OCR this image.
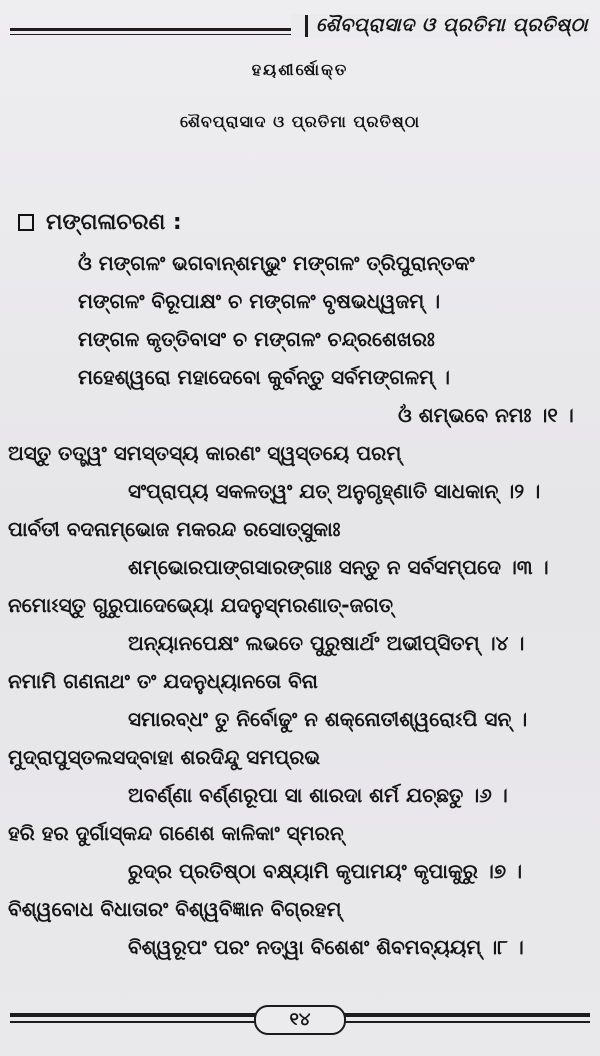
ଶୈବପ୍ରାସାଦ ଓ ପ୍ରତିମା ପ୍ରତିଷ୍ଠା
ହୟଶୀର୍ଷୋକ୍ତ
ଶୈବପ୍ରାସାଦ ଓ ପ୍ରତିମା ପ୍ରତିଷ୍ଠା
ମଙ୍ଗଳାଚରଣ :
ଓଁ ମଙ୍ଗଳଂ ଭଗବାନ୍‌ଶମ୍ଭୁଂ ମଙ୍ଗଳଂ ତ୍ରିପୁରାନ୍ତକଂ
ମଙ୍ଗଳଂ ବିରୂପାକ୍ଷଂ ଚ ମଙ୍ଗଳଂ ବୃଷଭଧ୍ୱଜମ୍ ।
ମଙ୍ଗଳ କୃତ୍ତିବାସଂ ଚ ମଙ୍ଗଳଂ ଚନ୍ଦ୍ରଶେଖରଃ
ମହେଶ୍ୱରୋ ମହାଦେବୋ କୁର୍ବନ୍ତୁ ସର୍ବମଙ୍ଗଳମ୍ ।
ଓଁ ଶମ୍ଭବେ ନମଃ ।୧ ।
ଅସ୍ତୁ ତତ୍ତ୍ୱଂ ସମସ୍ତସ୍ୟ କାରଣଂ ସ୍ୱସ୍ତୟେ ପରମ୍
ସଂପ୍ରାପ୍ୟ ସକଳତ୍ୱଂ ଯତ୍ ଅନୁଗୃହ୍ଣାତି ସାଧକାନ୍ ।୨ ।
ପାର୍ବତୀ ବଦନାମ୍ଭୋଜ ମକରନ୍ଦ ରସୋତ୍ସୁକାଃ
ଶମ୍ଭୋରପାଙ୍ଗସାରଙ୍ଗାଃ ସନ୍ତୁ ନ ସର୍ବସମ୍ପଦେ ।୩ ।
ନମୋଽସ୍ତୁ ଗୁରୁପାଦେଭ୍ୟୋ ଯଦନୁସ୍ମରଣାତ୍-ଜଗତ୍
ଅନ୍ୟାନପେକ୍ଷଂ ଲଭତେ ପୁରୁଷାର୍ଥଂ ଅଭୀପ୍ସିତମ୍ ।୪ ।
ନମାମି ଗଣନାଥଂ ତଂ ଯଦନୁଧ୍ୟାନତୋ ବିନା
ସମାରବ୍ଧଂ ତୁ ନିର୍ବୋଢୁଂ ନ ଶକ୍ନୋତୀଶ୍ୱରୋଽପି ସନ୍ ।
ମୁଦ୍ରାପୁସ୍ତଲସଦ୍‌ବାହା ଶରଦିନ୍ଦୁ ସମପ୍ରଭ
ଅବର୍ଣ୍ଣା ବର୍ଣ୍ଣରୂପା ସା ଶାରଦା ଶର୍ମ ଯଚ୍ଛତୁ ।୬ ।
ହରି ହର ଦୁର୍ଗାସ୍କନ୍ଦ ଗଣେଶ କାଳିକାଂ ସ୍ମରନ୍
ରୁଦ୍ର ପ୍ରତିଷ୍ଠା ବକ୍ଷ୍ୟାମି କୃପାମୟଂ କୃପାକୁରୁ ।୭ ।
ବିଶ୍ୱବୋଧ ବିଧାତାରଂ ବିଶ୍ୱବିଜ୍ଞାନ ବିଗ୍ରହମ୍
ବିଶ୍ୱରୂପଂ ପରଂ ନତ୍ୱା ବିଶେଶଂ ଶିବମବ୍ୟୟମ୍ ।୮ ।
୧୪
